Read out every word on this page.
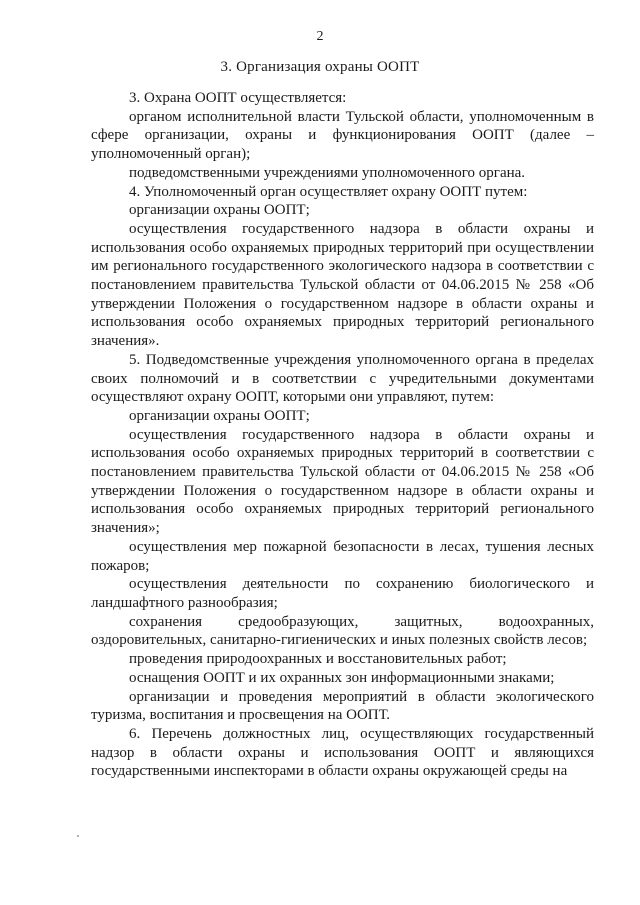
2
3. Организация охраны ООПТ

3. Охрана ООПТ осуществляется:

органом исполнительной власти Тульской области, уполномоченным в сфере организации, охраны и функционирования ООПТ (далее – уполномоченный орган);

подведомственными учреждениями уполномоченного органа.

4. Уполномоченный орган осуществляет охрану ООПТ путем:

организации охраны ООПТ;

осуществления государственного надзора в области охраны и использования особо охраняемых природных территорий при осуществлении им регионального государственного экологического надзора в соответствии с постановлением правительства Тульской области от 04.06.2015 № 258 «Об утверждении Положения о государственном надзоре в области охраны и использования особо охраняемых природных территорий регионального значения».

5. Подведомственные учреждения уполномоченного органа в пределах своих полномочий и в соответствии с учредительными документами осуществляют охрану ООПТ, которыми они управляют, путем:

организации охраны ООПТ;

осуществления государственного надзора в области охраны и использования особо охраняемых природных территорий в соответствии с постановлением правительства Тульской области от 04.06.2015 № 258 «Об утверждении Положения о государственном надзоре в области охраны и использования особо охраняемых природных территорий регионального значения»;

осуществления мер пожарной безопасности в лесах, тушения лесных пожаров;

осуществления деятельности по сохранению биологического и ландшафтного разнообразия;

сохранения средообразующих, защитных, водоохранных, оздоровительных, санитарно-гигиенических и иных полезных свойств лесов;

проведения природоохранных и восстановительных работ;

оснащения ООПТ и их охранных зон информационными знаками;

организации и проведения мероприятий в области экологического туризма, воспитания и просвещения на ООПТ.

6. Перечень должностных лиц, осуществляющих государственный надзор в области охраны и использования ООПТ и являющихся государственными инспекторами в области охраны окружающей среды на
